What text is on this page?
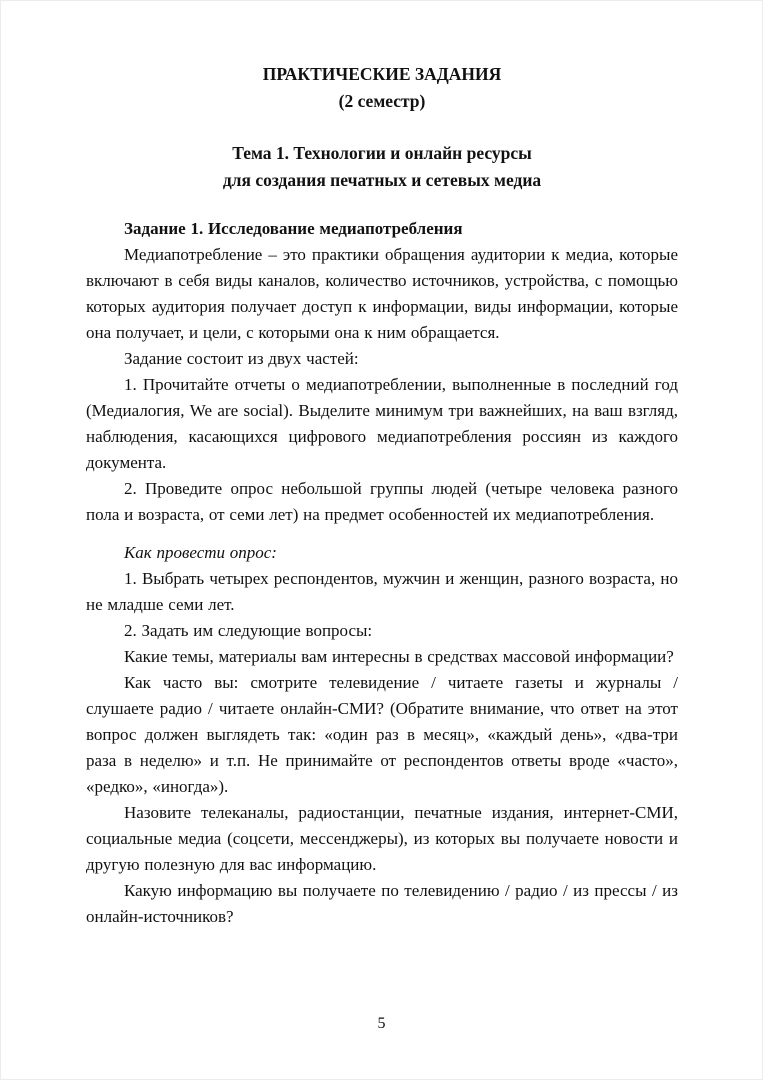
ПРАКТИЧЕСКИЕ ЗАДАНИЯ

(2 семестр)

Тема 1. Технологии и онлайн ресурсы

для создания печатных и сетевых медиа

Задание 1. Исследование медиапотребления

Медиапотребление – это практики обращения аудитории к медиа, которые включают в себя виды каналов, количество источников, устройства, с помощью которых аудитория получает доступ к информации, виды информации, которые она получает, и цели, с которыми она к ним обращается.

Задание состоит из двух частей:

1. Прочитайте отчеты о медиапотреблении, выполненные в последний год (Медиалогия, We are social). Выделите минимум три важнейших, на ваш взгляд, наблюдения, касающихся цифрового медиапотребления россиян из каждого документа.

2. Проведите опрос небольшой группы людей (четыре человека разного пола и возраста, от семи лет) на предмет особенностей их медиапотребления.

Как провести опрос:

1. Выбрать четырех респондентов, мужчин и женщин, разного возраста, но не младше семи лет.

2. Задать им следующие вопросы:

Какие темы, материалы вам интересны в средствах массовой информации?

Как часто вы: смотрите телевидение / читаете газеты и журналы / слушаете радио / читаете онлайн-СМИ? (Обратите внимание, что ответ на этот вопрос должен выглядеть так: «один раз в месяц», «каждый день», «два-три раза в неделю» и т.п. Не принимайте от респондентов ответы вроде «часто», «редко», «иногда»).

Назовите телеканалы, радиостанции, печатные издания, интернет-СМИ, социальные медиа (соцсети, мессенджеры), из которых вы получаете новости и другую полезную для вас информацию.

Какую информацию вы получаете по телевидению / радио / из прессы / из онлайн-источников?

5
